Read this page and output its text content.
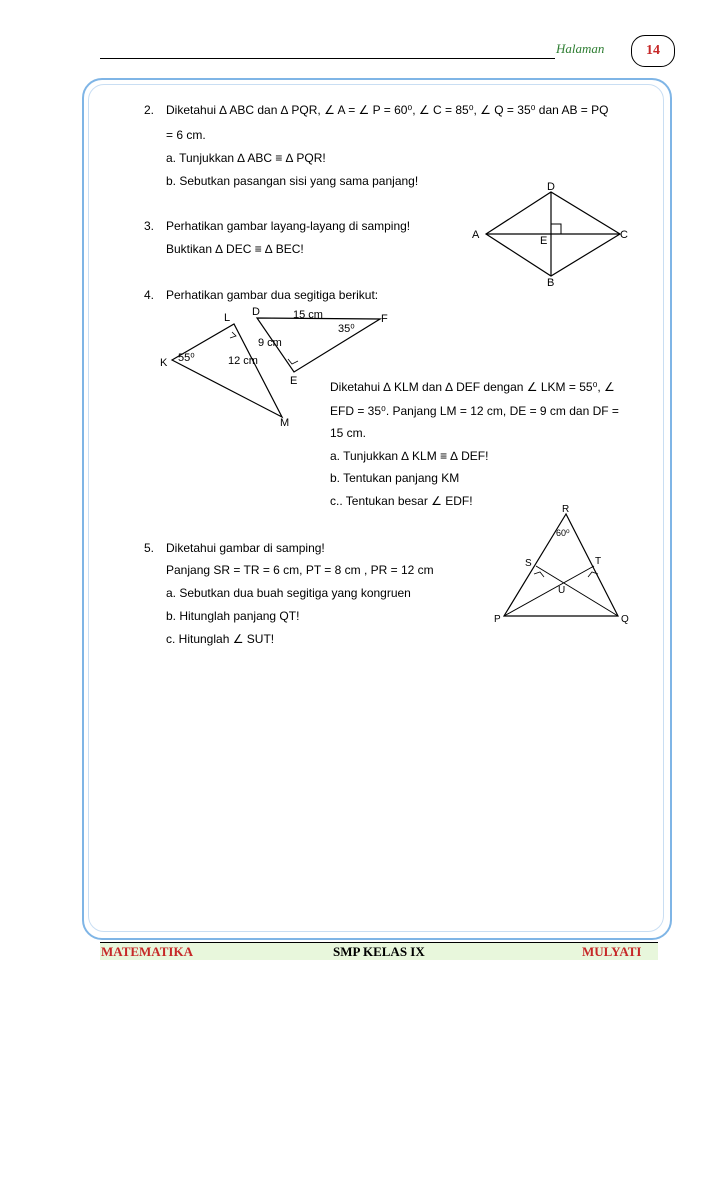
Halaman	14
2. Diketahui ∆ ABC dan ∆ PQR, ∠ A = ∠ P = 60⁰, ∠ C = 85⁰, ∠ Q = 35⁰ dan AB = PQ
= 6 cm.
a. Tunjukkan ∆ ABC ≡ ∆ PQR!
b. Sebutkan pasangan sisi yang sama panjang!
3. Perhatikan gambar layang-layang di samping!
Buktikan ∆ DEC ≡ ∆ BEC!
D
A	C
E
B
4. Perhatikan gambar dua segitiga berikut:
K
L
M
D
F
E
55⁰
35⁰
12 cm
9 cm
15 cm
Diketahui ∆ KLM dan ∆ DEF dengan ∠ LKM = 55⁰, ∠
EFD = 35⁰. Panjang LM = 12 cm, DE = 9 cm dan DF =
15 cm.
a. Tunjukkan ∆ KLM ≡ ∆ DEF!
b. Tentukan panjang KM
c.. Tentukan besar ∠ EDF!
5. Diketahui gambar di samping!
Panjang SR = TR = 6 cm, PT = 8 cm , PR = 12 cm
a. Sebutkan dua buah segitiga yang kongruen
b. Hitunglah panjang QT!
c. Hitunglah ∠ SUT!
R
60⁰
S	T
U
P	Q
MATEMATIKA	SMP KELAS IX	MULYATI
